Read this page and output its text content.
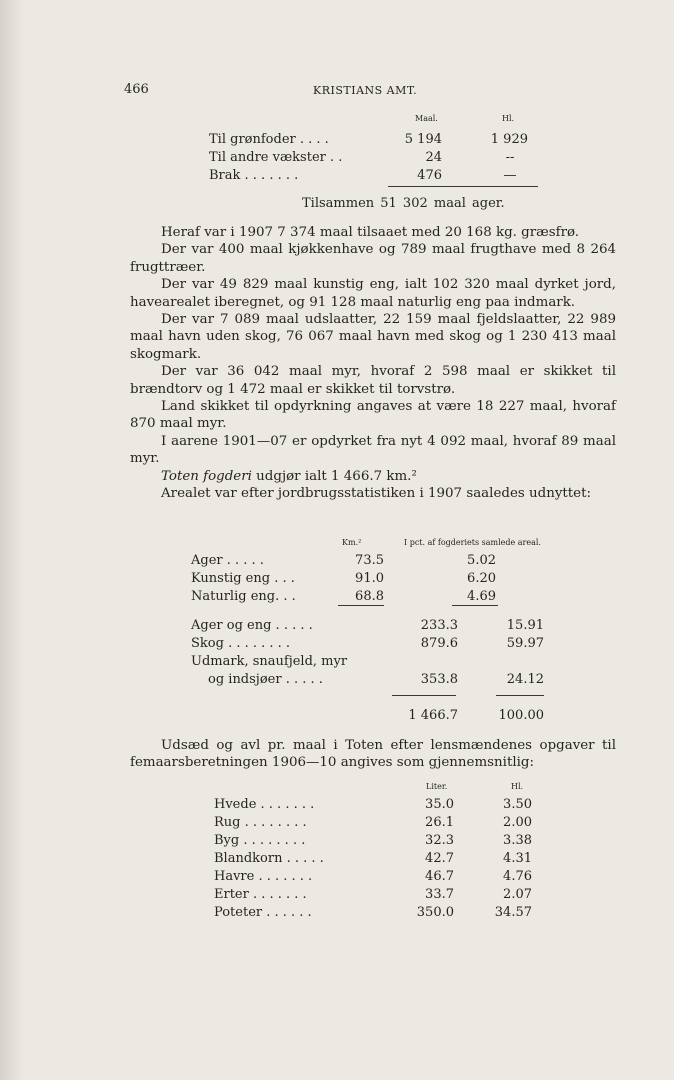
466	KRISTIANS AMT.
Maal.	Hl.
Til grønfoder . . . .	5 194	1 929
Til andre vækster . .	24	--
Brak . . . . . . .	476	—
Tilsammen 51 302 maal ager.

Heraf var i 1907 7 374 maal tilsaaet med 20 168 kg. græsfrø.

Der var 400 maal kjøkkenhave og 789 maal frugthave med 8 264 frugttræer.

Der var 49 829 maal kunstig eng, ialt 102 320 maal dyrket jord, havearealet iberegnet, og 91 128 maal naturlig eng paa indmark.

Der var 7 089 maal udslaatter, 22 159 maal fjeldslaatter, 22 989 maal havn uden skog, 76 067 maal havn med skog og 1 230 413 maal skogmark.

Der var 36 042 maal myr, hvoraf 2 598 maal er skikket til brændtorv og 1 472 maal er skikket til torvstrø.

Land skikket til opdyrkning angaves at være 18 227 maal, hvoraf 870 maal myr.

I aarene 1901—07 er opdyrket fra nyt 4 092 maal, hvoraf 89 maal myr.

Toten fogderi udgjør ialt 1 466.7 km.²

Arealet var efter jordbrugsstatistiken i 1907 saaledes udnyttet:

Km.²	I pct. af fogderiets samlede areal.
Ager . . . . .	73.5	5.02
Kunstig eng . . .	91.0	6.20
Naturlig eng. . .	68.8	4.69
Ager og eng . . . . .	233.3	15.91
Skog . . . . . . . .	879.6	59.97
Udmark, snaufjeld, myr
og indsjøer . . . . .	353.8	24.12
1 466.7	100.00

Udsæd og avl pr. maal i Toten efter lensmændenes opgaver til femaarsberetningen 1906—10 angives som gjennemsnitlig:

Liter.	Hl.
Hvede . . . . . . .	35.0	3.50
Rug . . . . . . . .	26.1	2.00
Byg . . . . . . . .	32.3	3.38
Blandkorn . . . . .	42.7	4.31
Havre . . . . . . .	46.7	4.76
Erter . . . . . . .	33.7	2.07
Poteter . . . . . .	350.0	34.57
